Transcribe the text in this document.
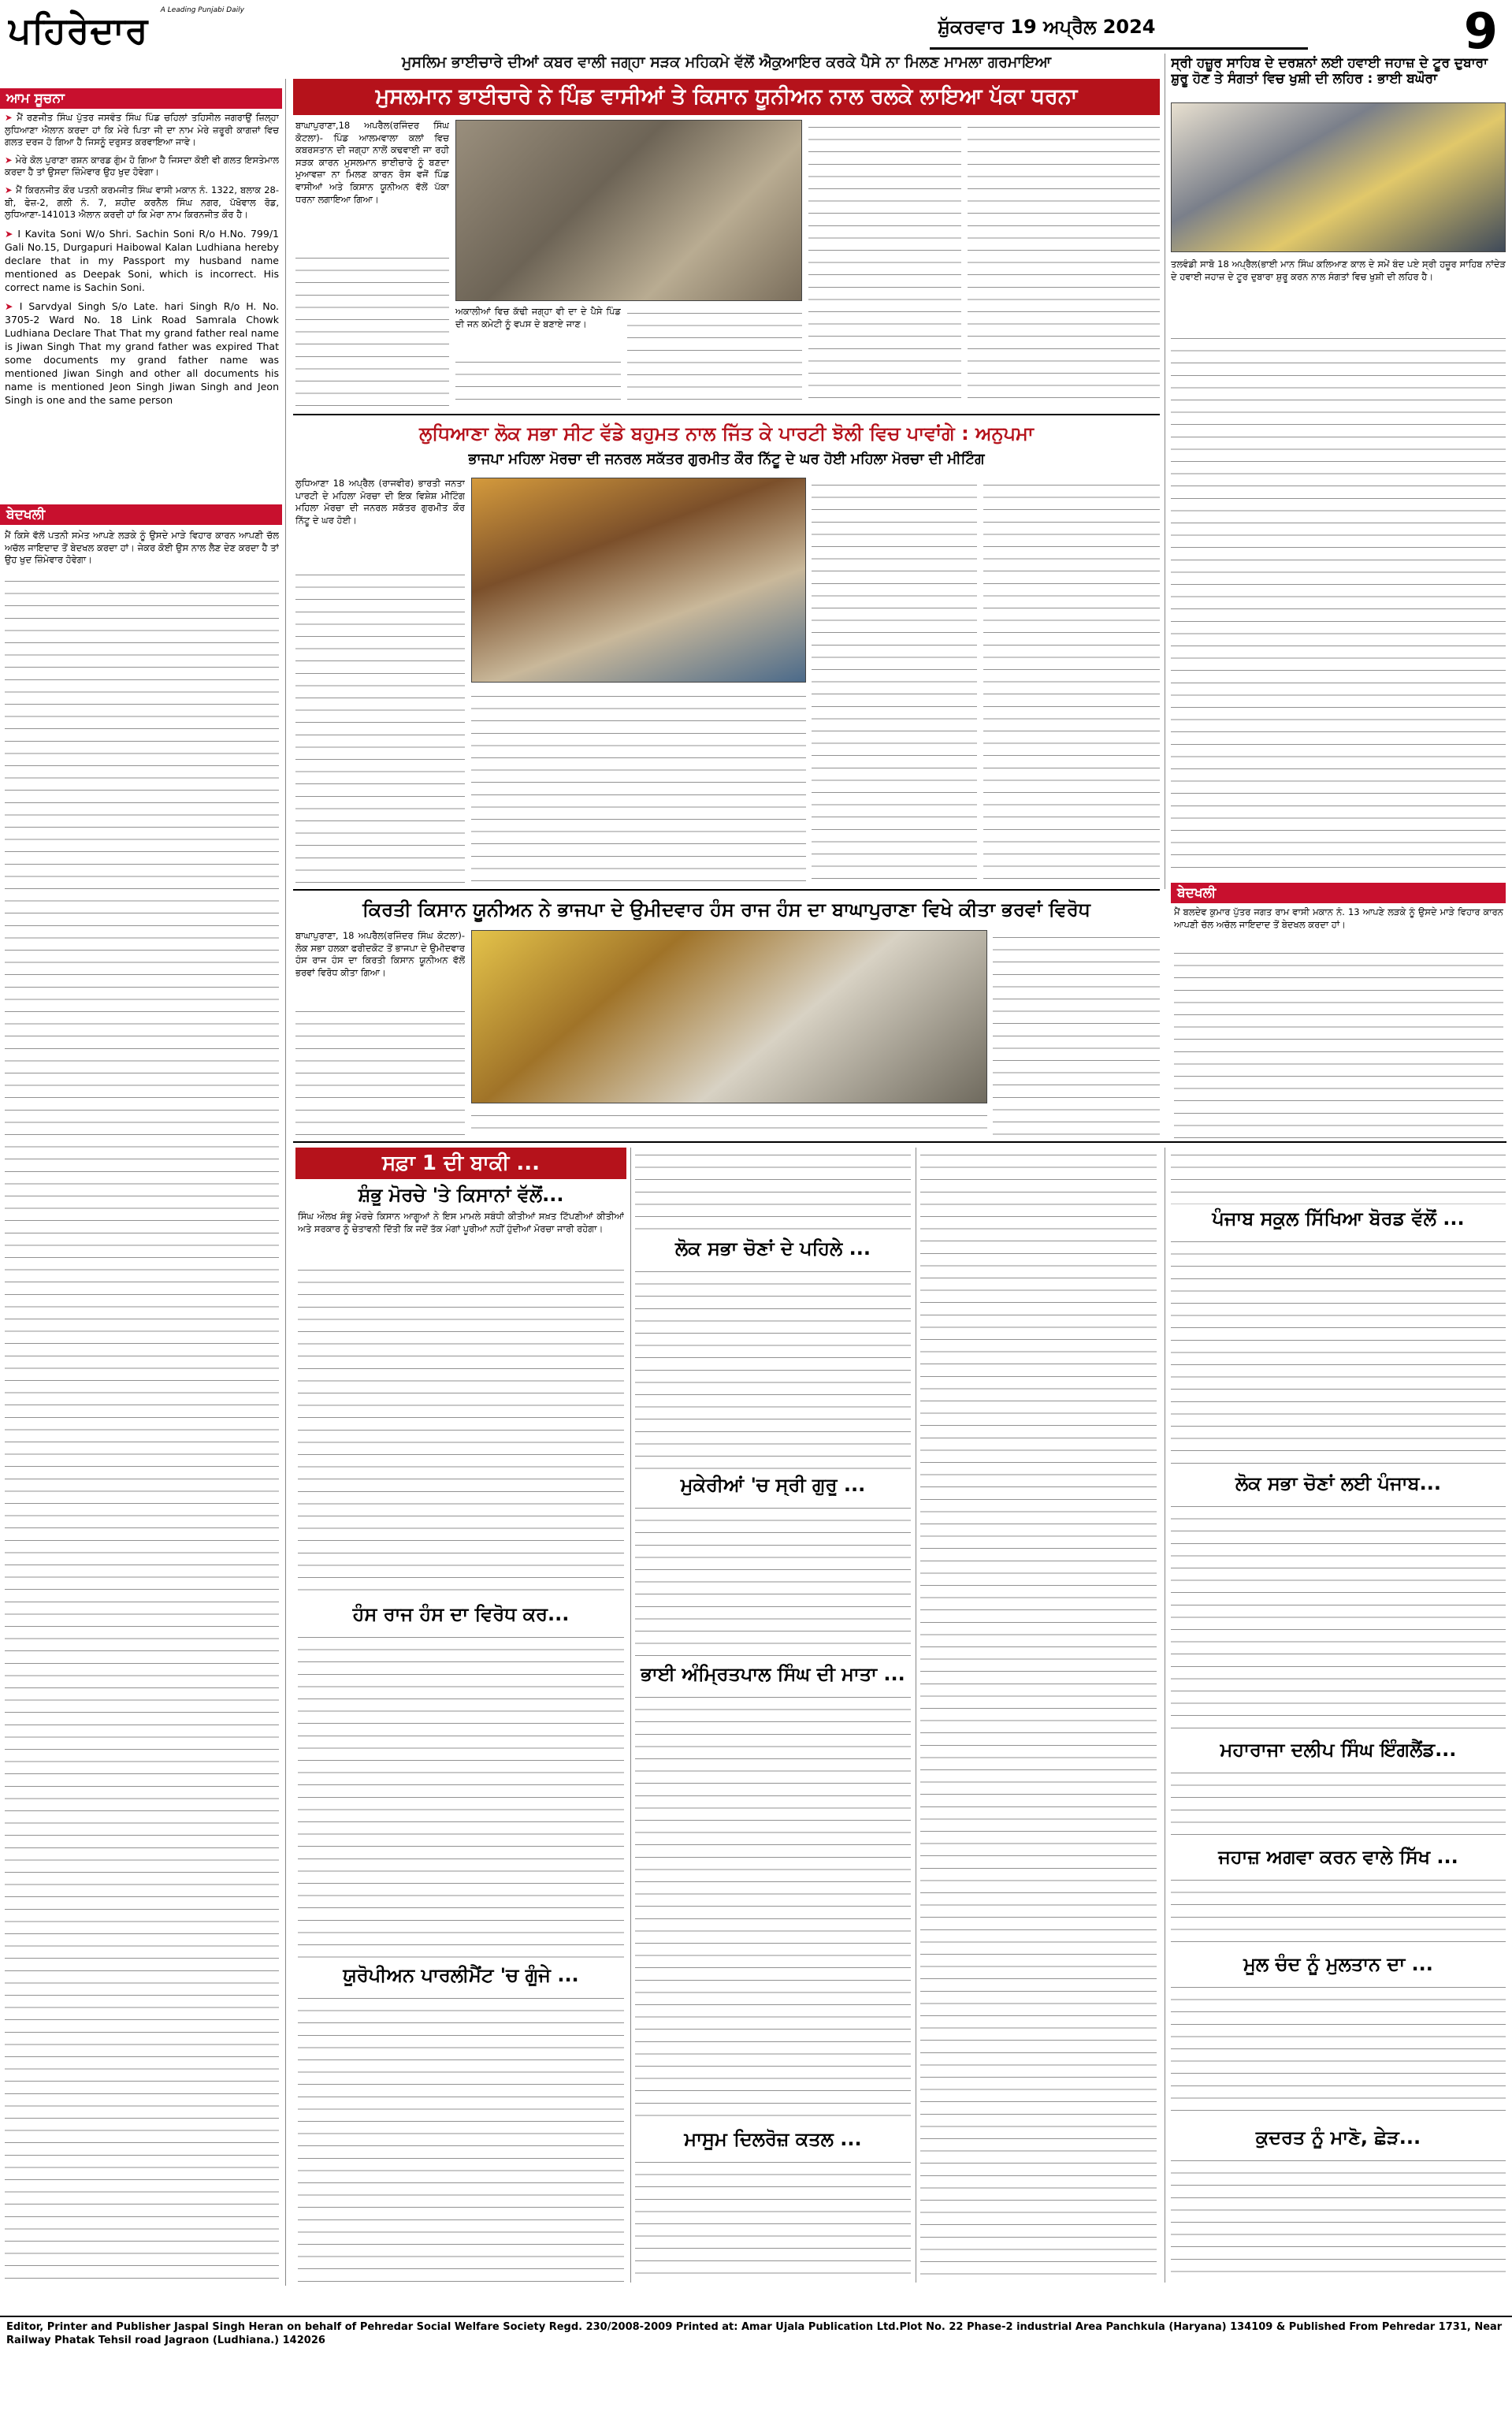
ਪਹਿਰੇਦਾਰ	A Leading Punjabi Daily
ਸ਼ੁੱਕਰਵਾਰ 19 ਅਪ੍ਰੈਲ 2024	9
ਆਮ ਸੂਚਨਾ

➤ ਮੈਂ ਰਣਜੀਤ ਸਿੰਘ ਪੁੱਤਰ ਜਸਵੰਤ ਸਿੰਘ ਪਿੰਡ ਚਹਿਲਾਂ ਤਹਿਸੀਲ ਜਗਰਾਉਂ ਜ਼ਿਲ੍ਹਾ ਲੁਧਿਆਣਾ ਐਲਾਨ ਕਰਦਾ ਹਾਂ ਕਿ ਮੇਰੇ ਪਿਤਾ ਜੀ ਦਾ ਨਾਮ ਮੇਰੇ ਜ਼ਰੂਰੀ ਕਾਗਜ਼ਾਂ ਵਿਚ ਗਲਤ ਦਰਜ ਹੋ ਗਿਆ ਹੈ ਜਿਸਨੂੰ ਦਰੁਸਤ ਕਰਵਾਇਆ ਜਾਵੇ।

➤ ਮੇਰੇ ਕੋਲ ਪੁਰਾਣਾ ਰਸ਼ਨ ਕਾਰਡ ਗੁੰਮ ਹੋ ਗਿਆ ਹੈ ਜਿਸਦਾ ਕੋਈ ਵੀ ਗਲਤ ਇਸਤੇਮਾਲ ਕਰਦਾ ਹੈ ਤਾਂ ਉਸਦਾ ਜ਼ਿੰਮੇਵਾਰ ਉਹ ਖੁਦ ਹੋਵੇਗਾ।

➤ ਮੈਂ ਕਿਰਨਜੀਤ ਕੌਰ ਪਤਨੀ ਕਰਮਜੀਤ ਸਿੰਘ ਵਾਸੀ ਮਕਾਨ ਨੰ. 1322, ਬਲਾਕ 28-ਬੀ, ਫੇਜ਼-2, ਗਲੀ ਨੰ. 7, ਸ਼ਹੀਦ ਕਰਨੈਲ ਸਿੰਘ ਨਗਰ, ਪੱਖੋਵਾਲ ਰੋਡ, ਲੁਧਿਆਣਾ-141013 ਐਲਾਨ ਕਰਦੀ ਹਾਂ ਕਿ ਮੇਰਾ ਨਾਮ ਕਿਰਨਜੀਤ ਕੌਰ ਹੈ।

➤ I Kavita Soni W/o Shri. Sachin Soni R/o H.No. 799/1 Gali No.15, Durgapuri Haibowal Kalan Ludhiana hereby declare that in my Passport my husband name mentioned as Deepak Soni, which is incorrect. His correct name is Sachin Soni.

➤ I Sarvdyal Singh S/o Late. hari Singh R/o H. No. 3705-2 Ward No. 18 Link Road Samrala Chowk Ludhiana Declare That That my grand father real name is Jiwan Singh That my grand father was expired That some documents my grand father name was mentioned Jiwan Singh and other all documents his name is mentioned Jeon Singh Jiwan Singh and Jeon Singh is one and the same person

ਬੇਦਖਲੀ
ਮੈਂ ਕਿਸੇ ਵੱਲੋਂ ਪਤਨੀ ਸਮੇਤ ਆਪਣੇ ਲੜਕੇ ਨੂੰ ਉਸਦੇ ਮਾੜੇ ਵਿਹਾਰ ਕਾਰਨ ਆਪਣੀ ਚੱਲ ਅਚੱਲ ਜਾਇਦਾਦ ਤੋਂ ਬੇਦਖਲ ਕਰਦਾ ਹਾਂ। ਜੇਕਰ ਕੋਈ ਉਸ ਨਾਲ ਲੈਣ ਦੇਣ ਕਰਦਾ ਹੈ ਤਾਂ ਉਹ ਖੁਦ ਜ਼ਿੰਮੇਵਾਰ ਹੋਵੇਗਾ।
ਮੁਸਲਿਮ ਭਾਈਚਾਰੇ ਦੀਆਂ ਕਬਰ ਵਾਲੀ ਜਗ੍ਹਾ ਸੜਕ ਮਹਿਕਮੇ ਵੱਲੋਂ ਐਕੁਆਇਰ ਕਰਕੇ ਪੈਸੇ ਨਾ ਮਿਲਣ ਮਾਮਲਾ ਗਰਮਾਇਆ
ਮੁਸਲਮਾਨ ਭਾਈਚਾਰੇ ਨੇ ਪਿੰਡ ਵਾਸੀਆਂ ਤੇ ਕਿਸਾਨ ਯੂਨੀਅਨ ਨਾਲ ਰਲਕੇ ਲਾਇਆ ਪੱਕਾ ਧਰਨਾ
ਬਾਘਾਪੁਰਾਣਾ,18 ਅਪਰੈਲ(ਰਜਿੰਦਰ ਸਿੰਘ ਕੋਟਲਾ)- ਪਿੰਡ ਆਲਮਵਾਲਾ ਕਲਾਂ ਵਿਚ ਕਬਰਸਤਾਨ ਦੀ ਜਗ੍ਹਾ ਨਾਲੋਂ ਕਢਵਾਈ ਜਾ ਰਹੀ ਸੜਕ ਕਾਰਨ ਮੁਸਲਮਾਨ ਭਾਈਚਾਰੇ ਨੂੰ ਬਣਦਾ ਮੁਆਵਜ਼ਾ ਨਾ ਮਿਲਣ ਕਾਰਨ ਰੋਸ ਵਜੋਂ ਪਿੰਡ ਵਾਸੀਆਂ ਅਤੇ ਕਿਸਾਨ ਯੂਨੀਅਨ ਵੱਲੋਂ ਪੱਕਾ ਧਰਨਾ ਲਗਾਇਆ ਗਿਆ।
ਅਕਾਲੀਆਂ ਵਿਚ ਕੱਢੀ ਜਗ੍ਹਾ ਵੀ ਦਾ ਦੇ ਪੈਸੇ ਪਿੰਡ ਦੀ ਜਨ ਕਮੇਟੀ ਨੂੰ ਵਪਸ ਦੇ ਬਣਾਏ ਜਾਣ।
ਸ੍ਰੀ ਹਜ਼ੂਰ ਸਾਹਿਬ ਦੇ ਦਰਸ਼ਨਾਂ ਲਈ ਹਵਾਈ ਜਹਾਜ਼ ਦੇ ਟੂਰ ਦੁਬਾਰਾ ਸ਼ੁਰੂ ਹੋਣ ਤੇ ਸੰਗਤਾਂ ਵਿਚ ਖੁਸ਼ੀ ਦੀ ਲਹਿਰ : ਭਾਈ ਬਘੌਰਾ
ਤਲਵੰਡੀ ਸਾਬੋ 18 ਅਪ੍ਰੈਲ(ਭਾਈ ਮਾਨ ਸਿੰਘ ਕਲਿਆਣ ਕਾਲ ਦੇ ਸਮੇਂ ਬੰਦ ਪਏ ਸ੍ਰੀ ਹਜ਼ੂਰ ਸਾਹਿਬ ਨਾਂਦੇੜ ਦੇ ਹਵਾਈ ਜਹਾਜ਼ ਦੇ ਟੂਰ ਦੁਬਾਰਾ ਸ਼ੁਰੂ ਕਰਨ ਨਾਲ ਸੰਗਤਾਂ ਵਿਚ ਖੁਸ਼ੀ ਦੀ ਲਹਿਰ ਹੈ।
ਲੁਧਿਆਣਾ ਲੋਕ ਸਭਾ ਸੀਟ ਵੱਡੇ ਬਹੁਮਤ ਨਾਲ ਜਿੱਤ ਕੇ ਪਾਰਟੀ ਝੋਲੀ ਵਿਚ ਪਾਵਾਂਗੇ : ਅਨੁਪਮਾ
ਭਾਜਪਾ ਮਹਿਲਾ ਮੋਰਚਾ ਦੀ ਜਨਰਲ ਸਕੱਤਰ ਗੁਰਮੀਤ ਕੌਰ ਨਿੱਟੂ ਦੇ ਘਰ ਹੋਈ ਮਹਿਲਾ ਮੋਰਚਾ ਦੀ ਮੀਟਿੰਗ
ਲੁਧਿਆਣਾ 18 ਅਪ੍ਰੈਲ (ਰਾਜਵੀਰ) ਭਾਰਤੀ ਜਨਤਾ ਪਾਰਟੀ ਦੇ ਮਹਿਲਾ ਮੋਰਚਾ ਦੀ ਇਕ ਵਿਸ਼ੇਸ਼ ਮੀਟਿੰਗ ਮਹਿਲਾ ਮੋਰਚਾ ਦੀ ਜਨਰਲ ਸਕੱਤਰ ਗੁਰਮੀਤ ਕੌਰ ਨਿੱਟੂ ਦੇ ਘਰ ਹੋਈ।
ਕਿਰਤੀ ਕਿਸਾਨ ਯੂਨੀਅਨ ਨੇ ਭਾਜਪਾ ਦੇ ਉਮੀਦਵਾਰ ਹੰਸ ਰਾਜ ਹੰਸ ਦਾ ਬਾਘਾਪੁਰਾਣਾ ਵਿਖੇ ਕੀਤਾ ਭਰਵਾਂ ਵਿਰੋਧ
ਬਾਘਾਪੁਰਾਣਾ, 18 ਅਪਰੈਲ(ਰਜਿੰਦਰ ਸਿੰਘ ਕੋਟਲਾ)- ਲੋਕ ਸਭਾ ਹਲਕਾ ਫਰੀਦਕੋਟ ਤੋਂ ਭਾਜਪਾ ਦੇ ਉਮੀਦਵਾਰ ਹੰਸ ਰਾਜ ਹੰਸ ਦਾ ਕਿਰਤੀ ਕਿਸਾਨ ਯੂਨੀਅਨ ਵੱਲੋਂ ਭਰਵਾਂ ਵਿਰੋਧ ਕੀਤਾ ਗਿਆ।
ਬੇਦਖਲੀ
ਮੈਂ ਬਲਦੇਵ ਕੁਮਾਰ ਪੁੱਤਰ ਜਗਤ ਰਾਮ ਵਾਸੀ ਮਕਾਨ ਨੰ. 13 ਆਪਣੇ ਲੜਕੇ ਨੂੰ ਉਸਦੇ ਮਾੜੇ ਵਿਹਾਰ ਕਾਰਨ ਆਪਣੀ ਚੱਲ ਅਚੱਲ ਜਾਇਦਾਦ ਤੋਂ ਬੇਦਖਲ ਕਰਦਾ ਹਾਂ।
ਸਫ਼ਾ 1 ਦੀ ਬਾਕੀ ...
ਸ਼ੰਭੂ ਮੋਰਚੇ 'ਤੇ ਕਿਸਾਨਾਂ ਵੱਲੋਂ...
ਸਿੰਘ ਔਲਖ ਸ਼ੰਭੂ ਮੋਰਚੇ ਕਿਸਾਨ ਆਗੂਆਂ ਨੇ ਇਸ ਮਾਮਲੇ ਸਬੰਧੀ ਕੀਤੀਆਂ ਸਖ਼ਤ ਟਿੱਪਣੀਆਂ ਕੀਤੀਆਂ ਅਤੇ ਸਰਕਾਰ ਨੂੰ ਚੇਤਾਵਨੀ ਦਿੱਤੀ ਕਿ ਜਦੋਂ ਤੱਕ ਮੰਗਾਂ ਪੂਰੀਆਂ ਨਹੀਂ ਹੁੰਦੀਆਂ ਮੋਰਚਾ ਜਾਰੀ ਰਹੇਗਾ।
ਹੰਸ ਰਾਜ ਹੰਸ ਦਾ ਵਿਰੋਧ ਕਰ...
ਯੂਰੋਪੀਅਨ ਪਾਰਲੀਮੈਂਟ 'ਚ ਗੂੰਜੇ ...
ਲੋਕ ਸਭਾ ਚੋਣਾਂ ਦੇ ਪਹਿਲੇ ...
ਮੁਕੇਰੀਆਂ 'ਚ ਸ੍ਰੀ ਗੁਰੂ ...
ਭਾਈ ਅੰਮ੍ਰਿਤਪਾਲ ਸਿੰਘ ਦੀ ਮਾਤਾ ...
ਮਾਸੂਮ ਦਿਲਰੋਜ਼ ਕਤਲ ...
ਪੰਜਾਬ ਸਕੂਲ ਸਿੱਖਿਆ ਬੋਰਡ ਵੱਲੋਂ ...
ਲੋਕ ਸਭਾ ਚੋਣਾਂ ਲਈ ਪੰਜਾਬ...
ਮਹਾਰਾਜਾ ਦਲੀਪ ਸਿੰਘ ਇੰਗਲੈਂਡ...
ਜਹਾਜ਼ ਅਗਵਾ ਕਰਨ ਵਾਲੇ ਸਿੱਖ ...
ਮੂਲ ਚੰਦ ਨੂੰ ਮੁਲਤਾਨ ਦਾ ...
ਕੁਦਰਤ ਨੂੰ ਮਾਣੋ, ਛੇੜ...
Editor, Printer and Publisher Jaspal Singh Heran on behalf of Pehredar Social Welfare Society Regd. 230/2008-2009 Printed at: Amar Ujala Publication Ltd.Plot No. 22 Phase-2 industrial Area Panchkula (Haryana) 134109 & Published From Pehredar 1731, Near Railway Phatak Tehsil road Jagraon (Ludhiana.) 142026
